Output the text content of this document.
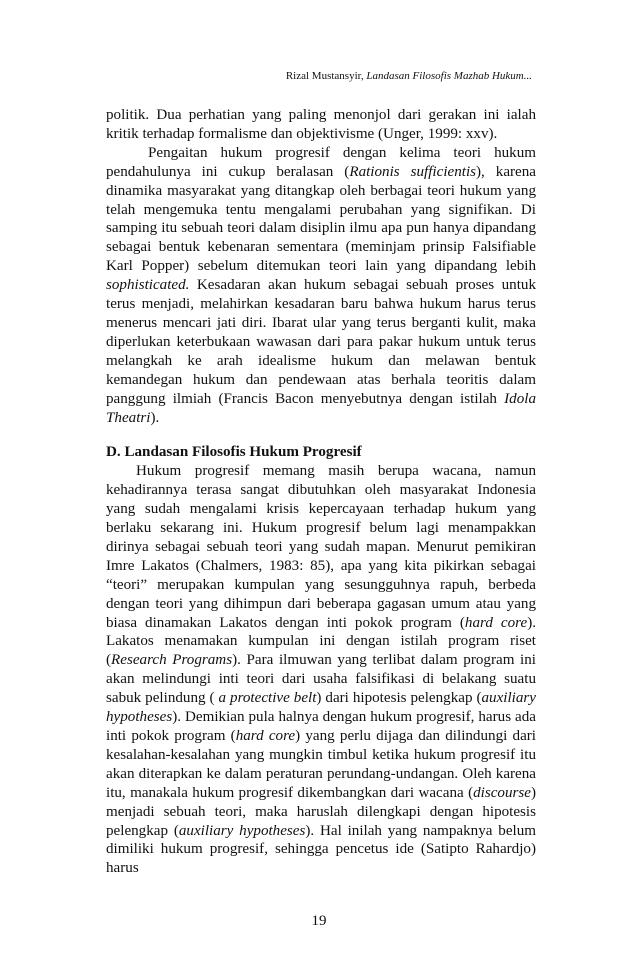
Rizal Mustansyir, Landasan Filosofis Mazhab Hukum...

politik. Dua perhatian yang paling menonjol dari gerakan ini ialah kritik terhadap formalisme dan objektivisme (Unger, 1999: xxv).

Pengaitan hukum progresif dengan kelima teori hukum pendahulunya ini cukup beralasan (Rationis sufficientis), karena dinamika masyarakat yang ditangkap oleh berbagai teori hukum yang telah mengemuka tentu mengalami perubahan yang signifikan. Di samping itu sebuah teori dalam disiplin ilmu apa pun hanya dipandang sebagai bentuk kebenaran sementara (meminjam prinsip Falsifiable Karl Popper) sebelum ditemukan teori lain yang dipandang lebih sophisticated. Kesadaran akan hukum sebagai sebuah proses untuk terus menjadi, melahirkan kesadaran baru bahwa hukum harus terus menerus mencari jati diri. Ibarat ular yang terus berganti kulit, maka diperlukan keterbukaan wawasan dari para pakar hukum untuk terus melangkah ke arah idealisme hukum dan melawan bentuk kemandegan hukum dan pendewaan atas berhala teoritis dalam panggung ilmiah (Francis Bacon menyebutnya dengan istilah Idola Theatri).

D. Landasan Filosofis Hukum Progresif

Hukum progresif memang masih berupa wacana, namun kehadirannya terasa sangat dibutuhkan oleh masyarakat Indonesia yang sudah mengalami krisis kepercayaan terhadap hukum yang berlaku sekarang ini. Hukum progresif belum lagi menampakkan dirinya sebagai sebuah teori yang sudah mapan. Menurut pemikiran Imre Lakatos (Chalmers, 1983: 85), apa yang kita pikirkan sebagai “teori” merupakan kumpulan yang sesungguhnya rapuh, berbeda dengan teori yang dihimpun dari beberapa gagasan umum atau yang biasa dinamakan Lakatos dengan inti pokok program (hard core). Lakatos menamakan kumpulan ini dengan istilah program riset (Research Programs). Para ilmuwan yang terlibat dalam program ini akan melindungi inti teori dari usaha falsifikasi di belakang suatu sabuk pelindung ( a protective belt) dari hipotesis pelengkap (auxiliary hypotheses). Demikian pula halnya dengan hukum progresif, harus ada inti pokok program (hard core) yang perlu dijaga dan dilindungi dari kesalahan-kesalahan yang mungkin timbul ketika hukum progresif itu akan diterapkan ke dalam peraturan perundang-undangan. Oleh karena itu, manakala hukum progresif dikembangkan dari wacana (discourse) menjadi sebuah teori, maka haruslah dilengkapi dengan hipotesis pelengkap (auxiliary hypotheses). Hal inilah yang nampaknya belum dimiliki hukum progresif, sehingga pencetus ide (Satipto Rahardjo) harus

19
